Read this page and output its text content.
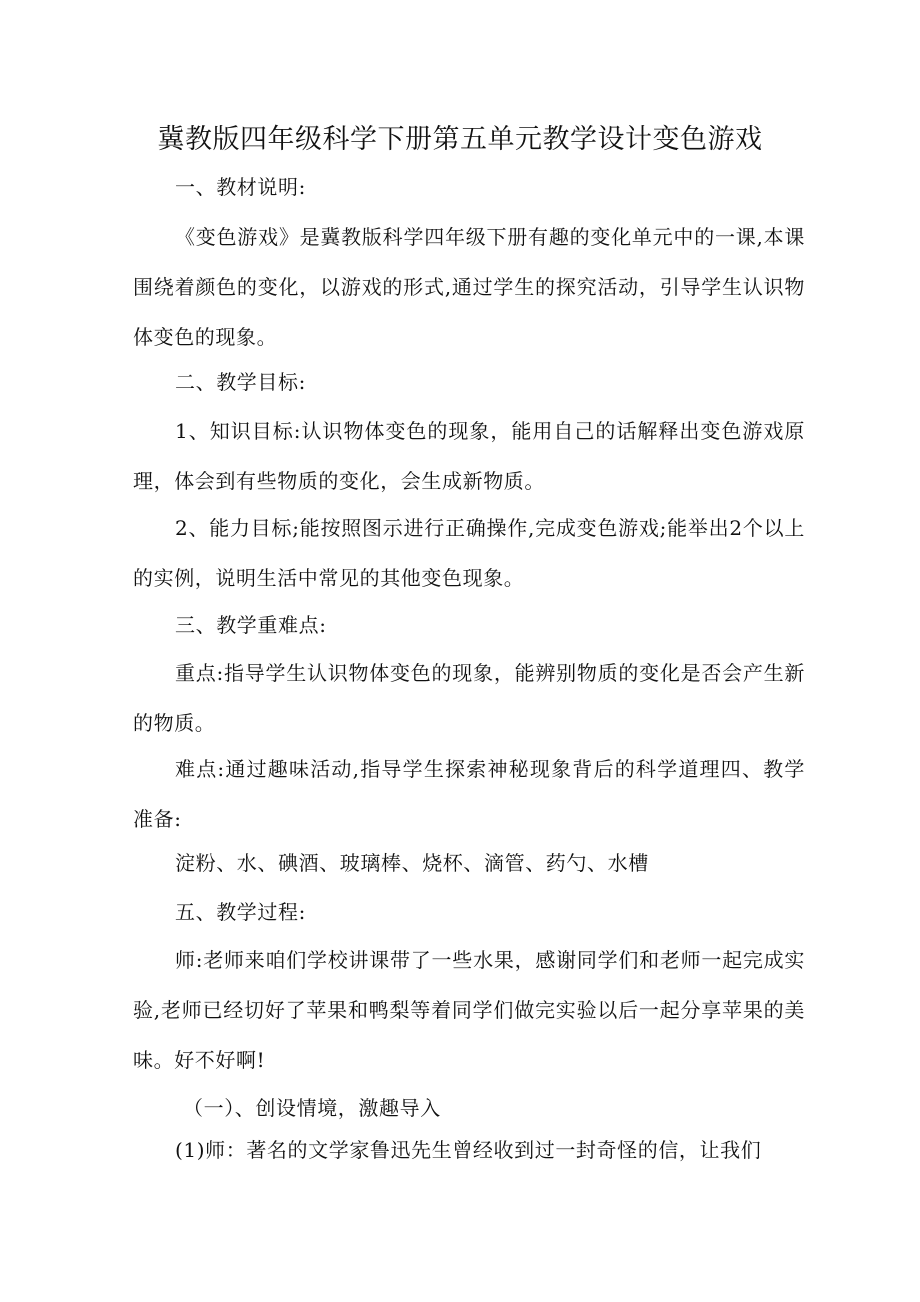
冀教版四年级科学下册第五单元教学设计变色游戏
一、教材说明:
《变色游戏》是冀教版科学四年级下册有趣的变化单元中的一课,本课围绕着颜色的变化，以游戏的形式,通过学生的探究活动，引导学生认识物体变色的现象。
二、教学目标:
1、知识目标:认识物体变色的现象，能用自己的话解释出变色游戏原理，体会到有些物质的变化，会生成新物质。
2、能力目标;能按照图示进行正确操作,完成变色游戏;能举出2个以上的实例，说明生活中常见的其他变色现象。
三、教学重难点:
重点:指导学生认识物体变色的现象，能辨别物质的变化是否会产生新的物质。
难点:通过趣味活动,指导学生探索神秘现象背后的科学道理四、教学准备:
淀粉、水、碘酒、玻璃棒、烧杯、滴管、药勺、水槽
五、教学过程:
师:老师来咱们学校讲课带了一些水果，感谢同学们和老师一起完成实验,老师已经切好了苹果和鸭梨等着同学们做完实验以后一起分享苹果的美味。好不好啊!
（一）、创设情境，激趣导入
(1)师：著名的文学家鲁迅先生曾经收到过一封奇怪的信，让我们
